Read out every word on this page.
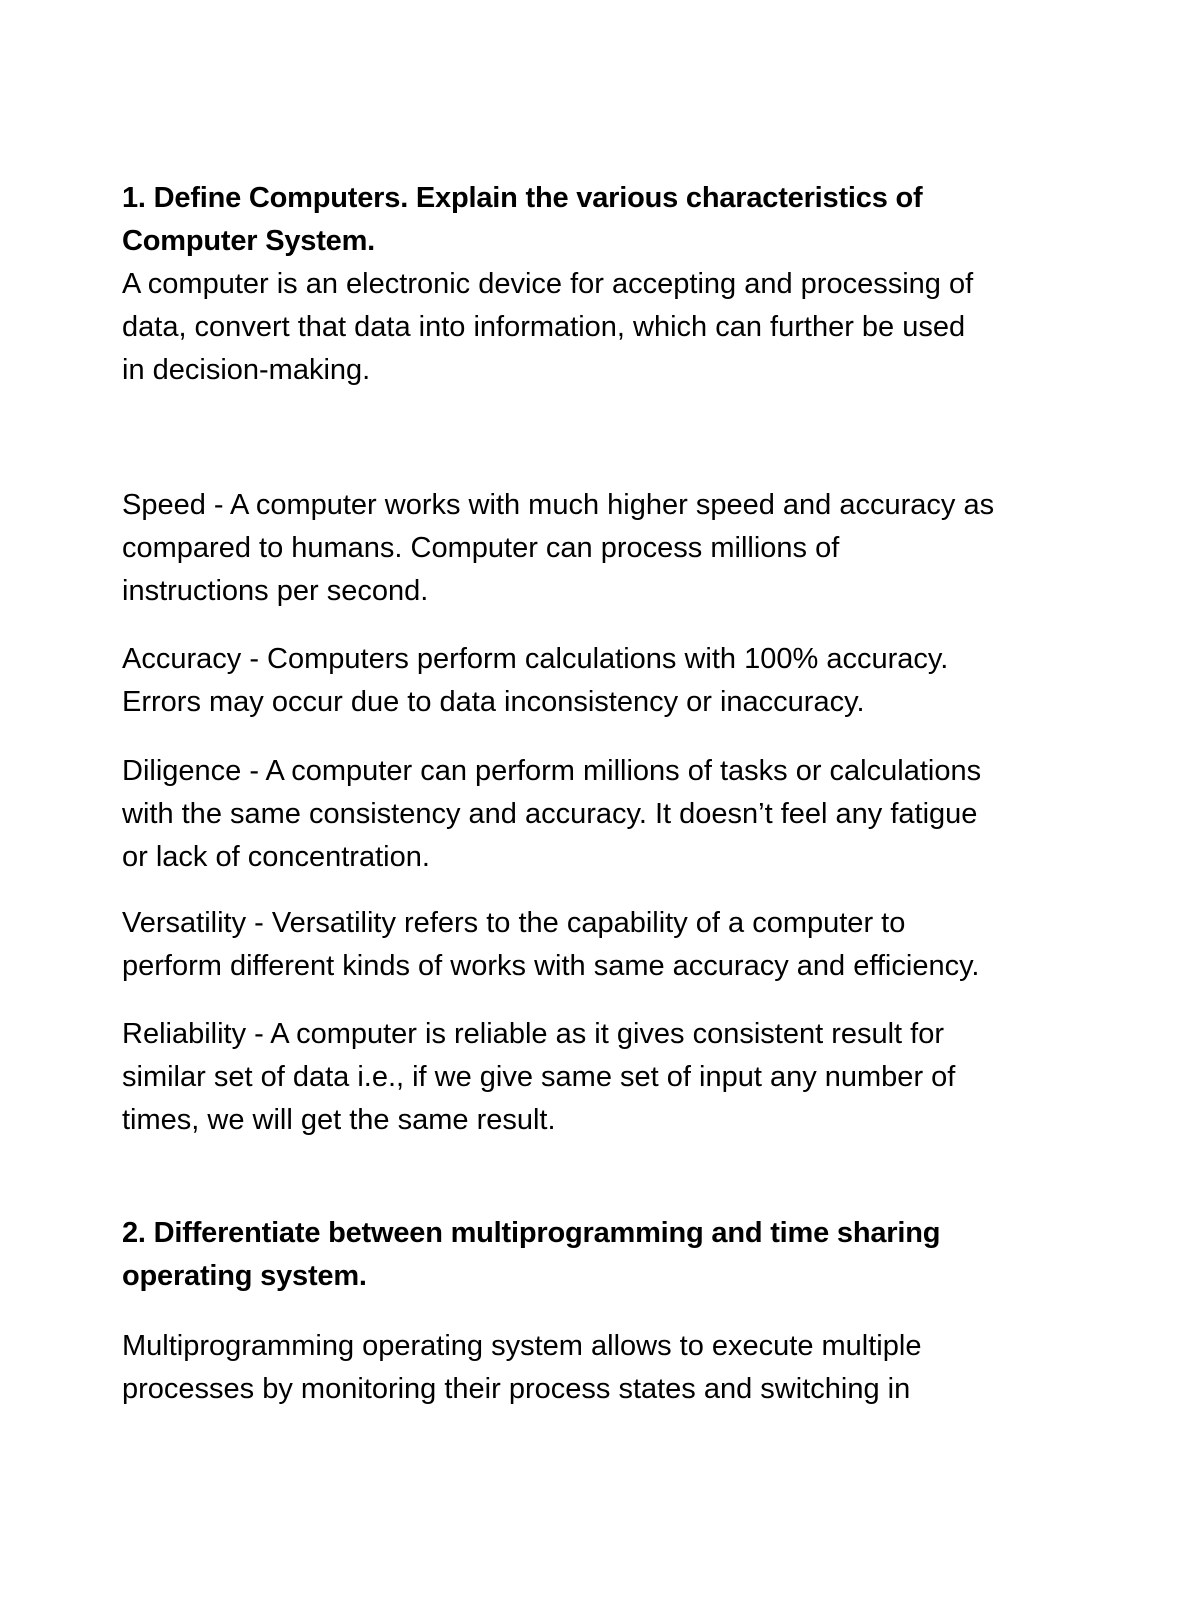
1. Define Computers. Explain the various characteristics of
Computer System.
A computer is an electronic device for accepting and processing of
data, convert that data into information, which can further be used
in decision-making.
Speed - A computer works with much higher speed and accuracy as
compared to humans. Computer can process millions of
instructions per second.
Accuracy - Computers perform calculations with 100% accuracy.
Errors may occur due to data inconsistency or inaccuracy.
Diligence - A computer can perform millions of tasks or calculations
with the same consistency and accuracy. It doesn’t feel any fatigue
or lack of concentration.
Versatility - Versatility refers to the capability of a computer to
perform different kinds of works with same accuracy and efficiency.
Reliability - A computer is reliable as it gives consistent result for
similar set of data i.e., if we give same set of input any number of
times, we will get the same result.
2. Differentiate between multiprogramming and time sharing
operating system.
Multiprogramming operating system allows to execute multiple
processes by monitoring their process states and switching in
